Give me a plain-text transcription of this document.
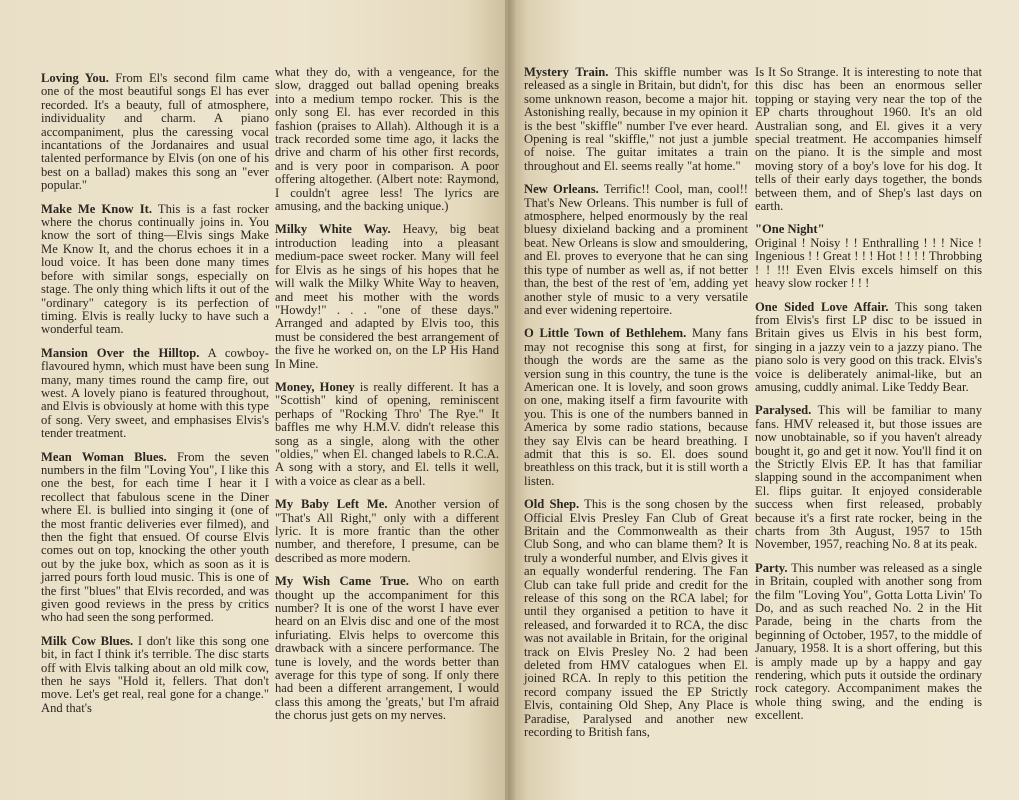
Loving You. From El's second film came one of the most beautiful songs El has ever recorded. It's a beauty, full of atmosphere, individuality and charm. A piano accompaniment, plus the caressing vocal incantations of the Jordanaires and usual talented performance by Elvis (on one of his best on a ballad) makes this song an "ever popular."

Make Me Know It. This is a fast rocker where the chorus continually joins in. You know the sort of thing—Elvis sings Make Me Know It, and the chorus echoes it in a loud voice. It has been done many times before with similar songs, especially on stage. The only thing which lifts it out of the "ordinary" category is its perfection of timing. Elvis is really lucky to have such a wonderful team.

Mansion Over the Hilltop. A cowboy-flavoured hymn, which must have been sung many, many times round the camp fire, out west. A lovely piano is featured throughout, and Elvis is obviously at home with this type of song. Very sweet, and emphasises Elvis's tender treatment.

Mean Woman Blues. From the seven numbers in the film "Loving You", I like this one the best, for each time I hear it I recollect that fabulous scene in the Diner where El. is bullied into singing it (one of the most frantic deliveries ever filmed), and then the fight that ensued. Of course Elvis comes out on top, knocking the other youth out by the juke box, which as soon as it is jarred pours forth loud music. This is one of the first "blues" that Elvis recorded, and was given good reviews in the press by critics who had seen the song performed.

Milk Cow Blues. I don't like this song one bit, in fact I think it's terrible. The disc starts off with Elvis talking about an old milk cow, then he says "Hold it, fellers. That don't move. Let's get real, real gone for a change." And that's

what they do, with a vengeance, for the slow, dragged out ballad opening breaks into a medium tempo rocker. This is the only song El. has ever recorded in this fashion (praises to Allah). Although it is a track recorded some time ago, it lacks the drive and charm of his other first records, and is very poor in comparison. A poor offering altogether. (Albert note: Raymond, I couldn't agree less! The lyrics are amusing, and the backing unique.)

Milky White Way. Heavy, big beat introduction leading into a pleasant medium-pace sweet rocker. Many will feel for Elvis as he sings of his hopes that he will walk the Milky White Way to heaven, and meet his mother with the words "Howdy!" . . . "one of these days." Arranged and adapted by Elvis too, this must be considered the best arrangement of the five he worked on, on the LP His Hand In Mine.

Money, Honey is really different. It has a "Scottish" kind of opening, reminiscent perhaps of "Rocking Thro' The Rye." It baffles me why H.M.V. didn't release this song as a single, along with the other "oldies," when El. changed labels to R.C.A. A song with a story, and El. tells it well, with a voice as clear as a bell.

My Baby Left Me. Another version of "That's All Right," only with a different lyric. It is more frantic than the other number, and therefore, I presume, can be described as more modern.

My Wish Came True. Who on earth thought up the accompaniment for this number? It is one of the worst I have ever heard on an Elvis disc and one of the most infuriating. Elvis helps to overcome this drawback with a sincere performance. The tune is lovely, and the words better than average for this type of song. If only there had been a different arrangement, I would class this among the 'greats,' but I'm afraid the chorus just gets on my nerves.

Mystery Train. This skiffle number was released as a single in Britain, but didn't, for some unknown reason, become a major hit. Astonishing really, because in my opinion it is the best "skiffle" number I've ever heard. Opening is real "skiffle," not just a jumble of noise. The guitar imitates a train throughout and El. seems really "at home."

New Orleans. Terrific!! Cool, man, cool!! That's New Orleans. This number is full of atmosphere, helped enormously by the real bluesy dixieland backing and a prominent beat. New Orleans is slow and smouldering, and El. proves to everyone that he can sing this type of number as well as, if not better than, the best of the rest of 'em, adding yet another style of music to a very versatile and ever widening repertoire.

O Little Town of Bethlehem. Many fans may not recognise this song at first, for though the words are the same as the version sung in this country, the tune is the American one. It is lovely, and soon grows on one, making itself a firm favourite with you. This is one of the numbers banned in America by some radio stations, because they say Elvis can be heard breathing. I admit that this is so. El. does sound breathless on this track, but it is still worth a listen.

Old Shep. This is the song chosen by the Official Elvis Presley Fan Club of Great Britain and the Commonwealth as their Club Song, and who can blame them? It is truly a wonderful number, and Elvis gives it an equally wonderful rendering. The Fan Club can take full pride and credit for the release of this song on the RCA label; for until they organised a petition to have it released, and forwarded it to RCA, the disc was not available in Britain, for the original track on Elvis Presley No. 2 had been deleted from HMV catalogues when El. joined RCA. In reply to this petition the record company issued the EP Strictly Elvis, containing Old Shep, Any Place is Paradise, Paralysed and another new recording to British fans,

Is It So Strange. It is interesting to note that this disc has been an enormous seller topping or staying very near the top of the EP charts throughout 1960. It's an old Australian song, and El. gives it a very special treatment. He accompanies himself on the piano. It is the simple and most moving story of a boy's love for his dog. It tells of their early days together, the bonds between them, and of Shep's last days on earth.

"One Night"
Original ! Noisy ! ! Enthralling ! ! ! Nice ! Ingenious ! ! Great ! ! ! Hot ! ! ! ! Throbbing ! ! !!! Even Elvis excels himself on this heavy slow rocker ! ! !

One Sided Love Affair. This song taken from Elvis's first LP disc to be issued in Britain gives us Elvis in his best form, singing in a jazzy vein to a jazzy piano. The piano solo is very good on this track. Elvis's voice is deliberately animal-like, but an amusing, cuddly animal. Like Teddy Bear.

Paralysed. This will be familiar to many fans. HMV released it, but those issues are now unobtainable, so if you haven't already bought it, go and get it now. You'll find it on the Strictly Elvis EP. It has that familiar slapping sound in the accompaniment when El. flips guitar. It enjoyed considerable success when first released, probably because it's a first rate rocker, being in the charts from 3th August, 1957 to 15th November, 1957, reaching No. 8 at its peak.

Party. This number was released as a single in Britain, coupled with another song from the film "Loving You", Gotta Lotta Livin' To Do, and as such reached No. 2 in the Hit Parade, being in the charts from the beginning of October, 1957, to the middle of January, 1958. It is a short offering, but this is amply made up by a happy and gay rendering, which puts it outside the ordinary rock category. Accompaniment makes the whole thing swing, and the ending is excellent.
